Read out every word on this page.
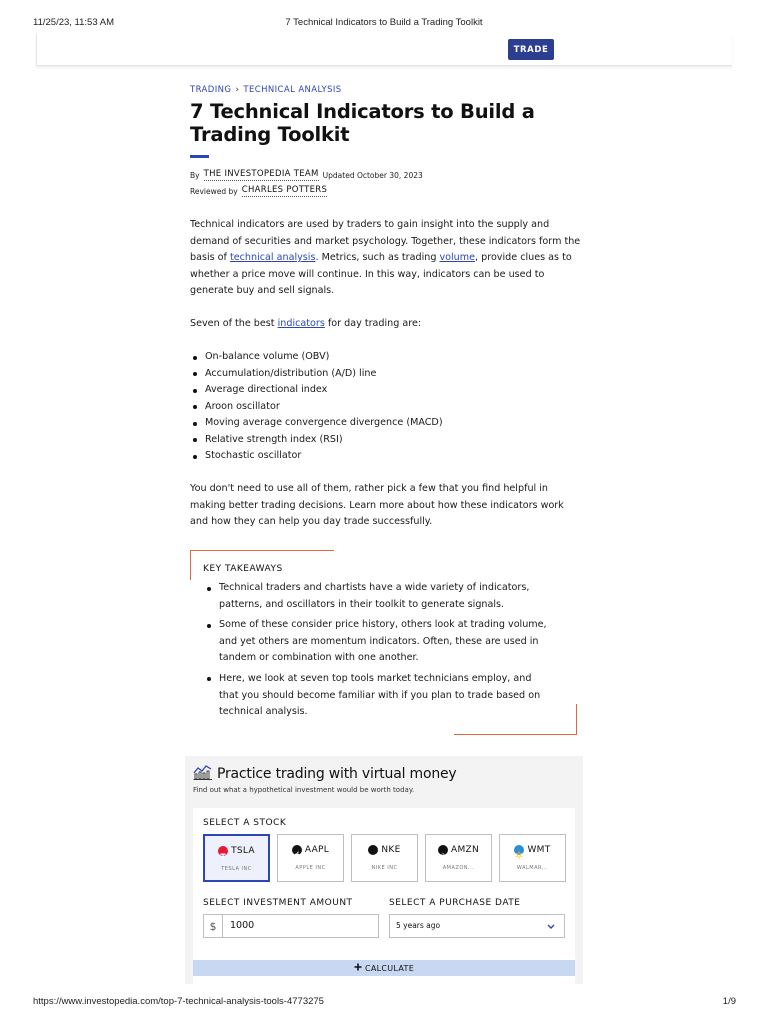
11/25/23, 11:53 AM	7 Technical Indicators to Build a Trading Toolkit
https://www.investopedia.com/top-7-technical-analysis-tools-4773275	1/9
TRADE
TRADING › TECHNICAL ANALYSIS
7 Technical Indicators to Build a Trading Toolkit
By THE INVESTOPEDIA TEAM Updated October 30, 2023
Reviewed by CHARLES POTTERS

Technical indicators are used by traders to gain insight into the supply and demand of securities and market psychology. Together, these indicators form the basis of technical analysis. Metrics, such as trading volume, provide clues as to whether a price move will continue. In this way, indicators can be used to generate buy and sell signals.

Seven of the best indicators for day trading are:

On-balance volume (OBV)
Accumulation/distribution (A/D) line
Average directional index
Aroon oscillator
Moving average convergence divergence (MACD)
Relative strength index (RSI)
Stochastic oscillator

You don't need to use all of them, rather pick a few that you find helpful in making better trading decisions. Learn more about how these indicators work and how they can help you day trade successfully.

KEY TAKEAWAYS
Technical traders and chartists have a wide variety of indicators, patterns, and oscillators in their toolkit to generate signals.
Some of these consider price history, others look at trading volume, and yet others are momentum indicators. Often, these are used in tandem or combination with one another.
Here, we look at seven top tools market technicians employ, and that you should become familiar with if you plan to trade based on technical analysis.
Practice trading with virtual money
Find out what a hypothetical investment would be worth today.
SELECT A STOCK
TSLA
TESLA INC
AAPL
APPLE INC
NKE
NIKE INC
a
AMZN
AMAZON...
WMT
WALMAR...
SELECT INVESTMENT AMOUNT	SELECT A PURCHASE DATE
$	1000	5 years ago
CALCULATE
